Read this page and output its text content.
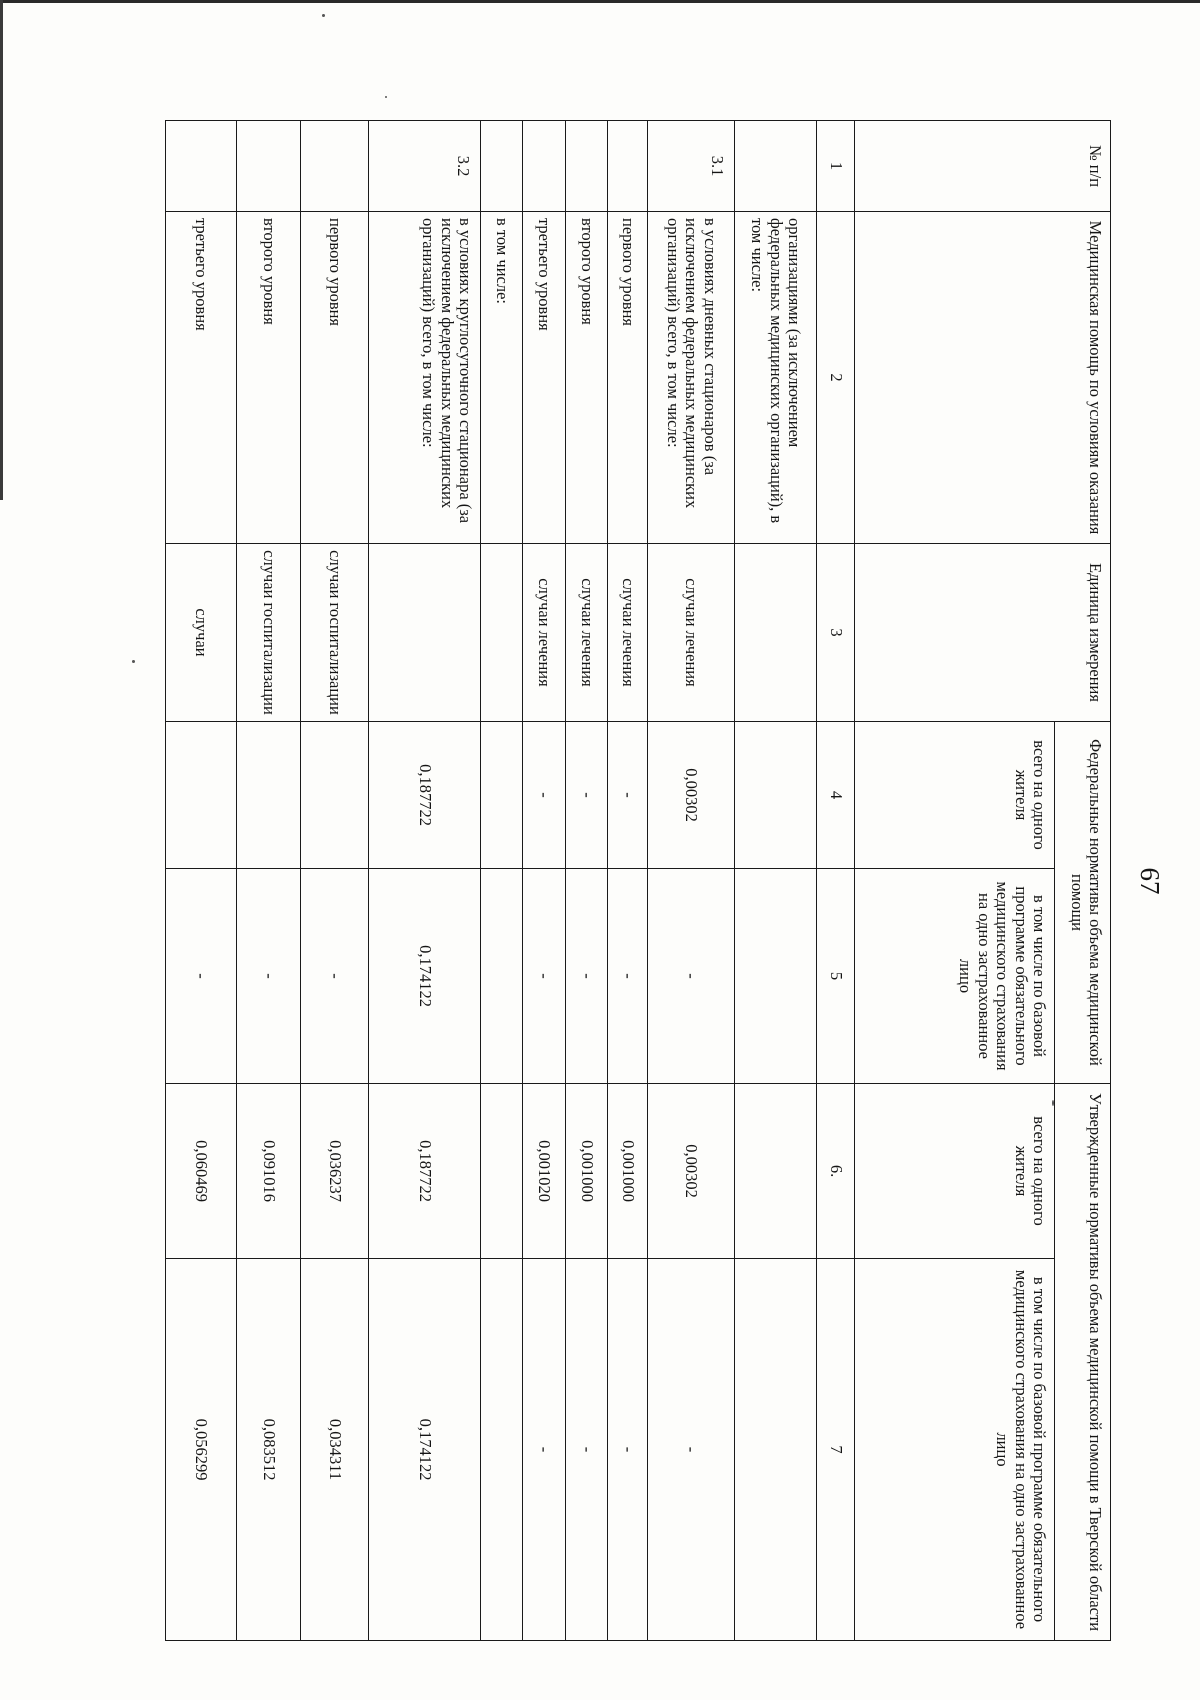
67
№ п/п	Медицинская помощь по условиям оказания	Единица измерения	Федеральные нормативы объема медицинской помощи		Утвержденные нормативы объема медицинской помощи в Тверской области	
			всего на одного жителя	в том числе по базовой программе обязательного медицинского страхования на одно застрахованное лицо	всего на одного жителя	в том числе по базовой программе обязательного медицинского страхования на одно застрахованное лицо
1	2	3	4	5	6.	7
	организациями (за исключением федеральных медицинских организаций), в том числе:					
3.1	в условиях дневных стационаров (за исключением федеральных медицинских организаций) всего, в том числе:	случаи лечения	0,00302	-	0,00302	-
	первого уровня	случаи лечения	-	-	0,001000	-
	второго уровня	случаи лечения	-	-	0,001000	-
	третьего уровня	случаи лечения	-	-	0,001020	-
	в том числе:					
3.2	в условиях круглосуточного стационара (за исключением федеральных медицинских организаций) всего, в том числе:		0,187722	0,174122	0,187722	0,174122
	первого уровня	случаи госпитализации		-	0,036237	0,034311
	второго уровня	случаи госпитализации		-	0,091016	0,083512
	третьего уровня	случаи		-	0,060469	0,056299
